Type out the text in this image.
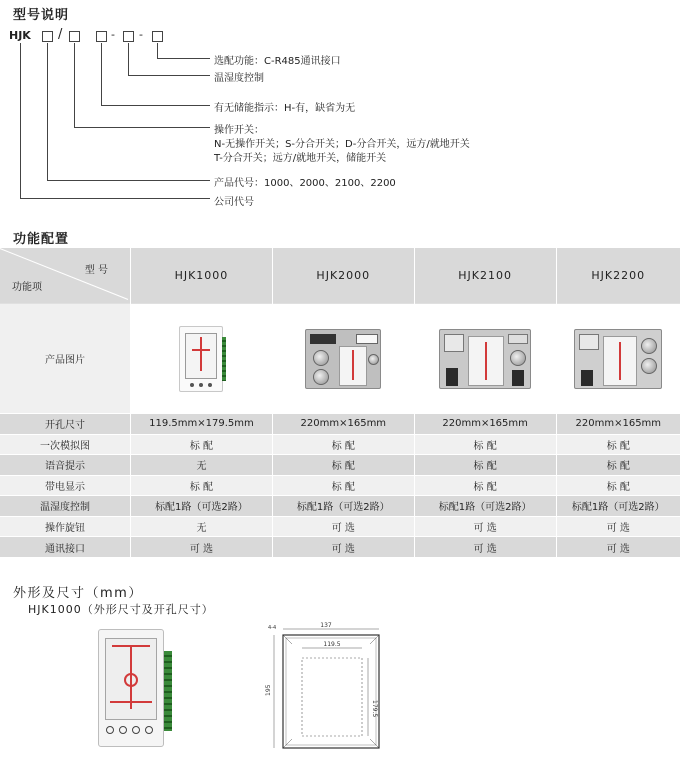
型号说明
HJK /	- -
选配功能：C-R485通讯接口
温湿度控制
有无储能指示：H-有，缺省为无
操作开关：
N-无操作开关；S-分合开关；D-分合开关，远方/就地开关
T-分合开关；远方/就地开关，储能开关
产品代号：1000、2000、2100、2200
公司代号
功能配置
型 号
功能项	HJK1000	HJK2000	HJK2100	HJK2200
产品图片	

开孔尺寸	119.5mm×179.5mm	220mm×165mm	220mm×165mm	220mm×165mm
一次模拟图	标 配	标 配	标 配	标 配
语音提示	无	标 配	标 配	标 配
带电显示	标 配	标 配	标 配	标 配
温湿度控制	标配1路（可选2路）	标配1路（可选2路）	标配1路（可选2路）	标配1路（可选2路）
操作旋钮	无	可 选	可 选	可 选
通讯接口	可 选	可 选	可 选	可 选
外形及尺寸（mm）
HJK1000（外形尺寸及开孔尺寸）
137
119.5
4-4
179.5
195
